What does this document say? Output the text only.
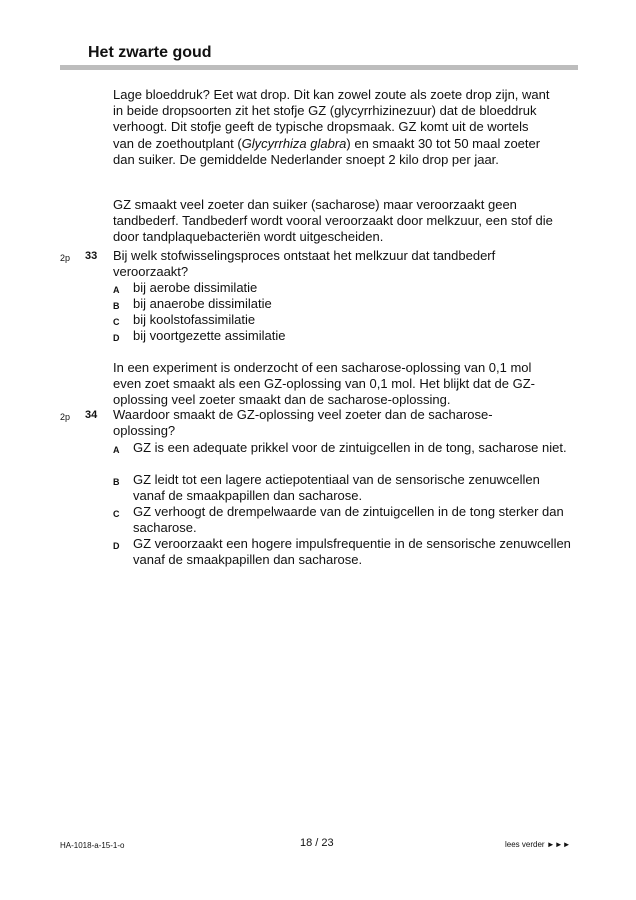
Het zwarte goud

Lage bloeddruk? Eet wat drop. Dit kan zowel zoute als zoete drop zijn, want in beide dropsoorten zit het stofje GZ (glycyrrhizinezuur) dat de bloeddruk verhoogt. Dit stofje geeft de typische dropsmaak. GZ komt uit de wortels van de zoethoutplant (Glycyrrhiza glabra) en smaakt 30 tot 50 maal zoeter dan suiker. De gemiddelde Nederlander snoept 2 kilo drop per jaar.

GZ smaakt veel zoeter dan suiker (sacharose) maar veroorzaakt geen tandbederf. Tandbederf wordt vooral veroorzaakt door melkzuur, een stof die door tandplaquebacteriën wordt uitgescheiden.

2p 33 Bij welk stofwisselingsproces ontstaat het melkzuur dat tandbederf veroorzaakt?
A bij aerobe dissimilatie
B bij anaerobe dissimilatie
C bij koolstofassimilatie
D bij voortgezette assimilatie

In een experiment is onderzocht of een sacharose-oplossing van 0,1 mol even zoet smaakt als een GZ-oplossing van 0,1 mol. Het blijkt dat de GZ-oplossing veel zoeter smaakt dan de sacharose-oplossing.

2p 34 Waardoor smaakt de GZ-oplossing veel zoeter dan de sacharose-oplossing?
A GZ is een adequate prikkel voor de zintuigcellen in de tong, sacharose niet.
B GZ leidt tot een lagere actiepotentiaal van de sensorische zenuwcellen vanaf de smaakpapillen dan sacharose.
C GZ verhoogt de drempelwaarde van de zintuigcellen in de tong sterker dan sacharose.
D GZ veroorzaakt een hogere impulsfrequentie in de sensorische zenuwcellen vanaf de smaakpapillen dan sacharose.
HA-1018-a-15-1-o	18 / 23	lees verder ►►►
